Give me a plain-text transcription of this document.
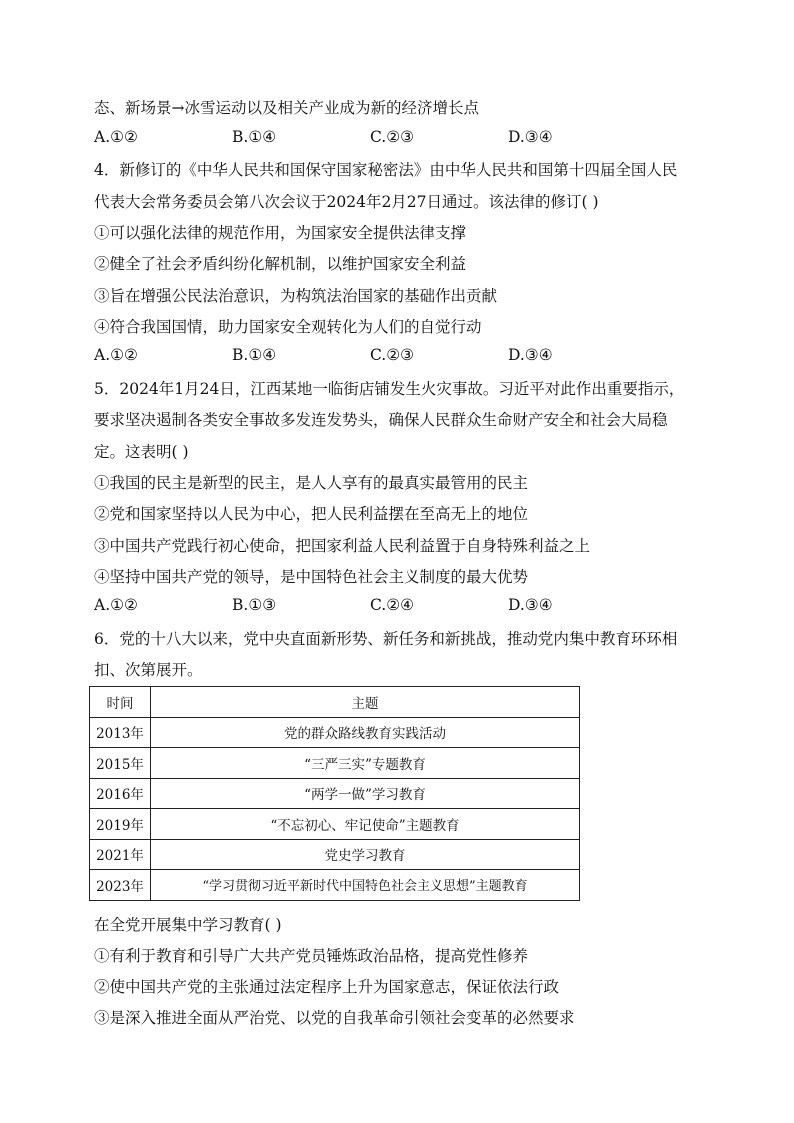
态、新场景→冰雪运动以及相关产业成为新的经济增长点
A.①②	B.①④	C.②③	D.③④
4．新修订的《中华人民共和国保守国家秘密法》由中华人民共和国第十四届全国人民
代表大会常务委员会第八次会议于2024年2月27日通过。该法律的修订( )
①可以强化法律的规范作用，为国家安全提供法律支撑
②健全了社会矛盾纠纷化解机制，以维护国家安全利益
③旨在增强公民法治意识，为构筑法治国家的基础作出贡献
④符合我国国情，助力国家安全观转化为人们的自觉行动
A.①②	B.①④	C.②③	D.③④
5．2024年1月24日，江西某地一临街店铺发生火灾事故。习近平对此作出重要指示，
要求坚决遏制各类安全事故多发连发势头，确保人民群众生命财产安全和社会大局稳
定。这表明( )
①我国的民主是新型的民主，是人人享有的最真实最管用的民主
②党和国家坚持以人民为中心，把人民利益摆在至高无上的地位
③中国共产党践行初心使命，把国家利益人民利益置于自身特殊利益之上
④坚持中国共产党的领导，是中国特色社会主义制度的最大优势
A.①②	B.①③	C.②④	D.③④
6．党的十八大以来，党中央直面新形势、新任务和新挑战，推动党内集中教育环环相
扣、次第展开。
时间	主题
2013年	党的群众路线教育实践活动
2015年	“三严三实”专题教育
2016年	“两学一做”学习教育
2019年	“不忘初心、牢记使命”主题教育
2021年	党史学习教育
2023年	“学习贯彻习近平新时代中国特色社会主义思想”主题教育
在全党开展集中学习教育( )
①有利于教育和引导广大共产党员锤炼政治品格，提高党性修养
②使中国共产党的主张通过法定程序上升为国家意志，保证依法行政
③是深入推进全面从严治党、以党的自我革命引领社会变革的必然要求
